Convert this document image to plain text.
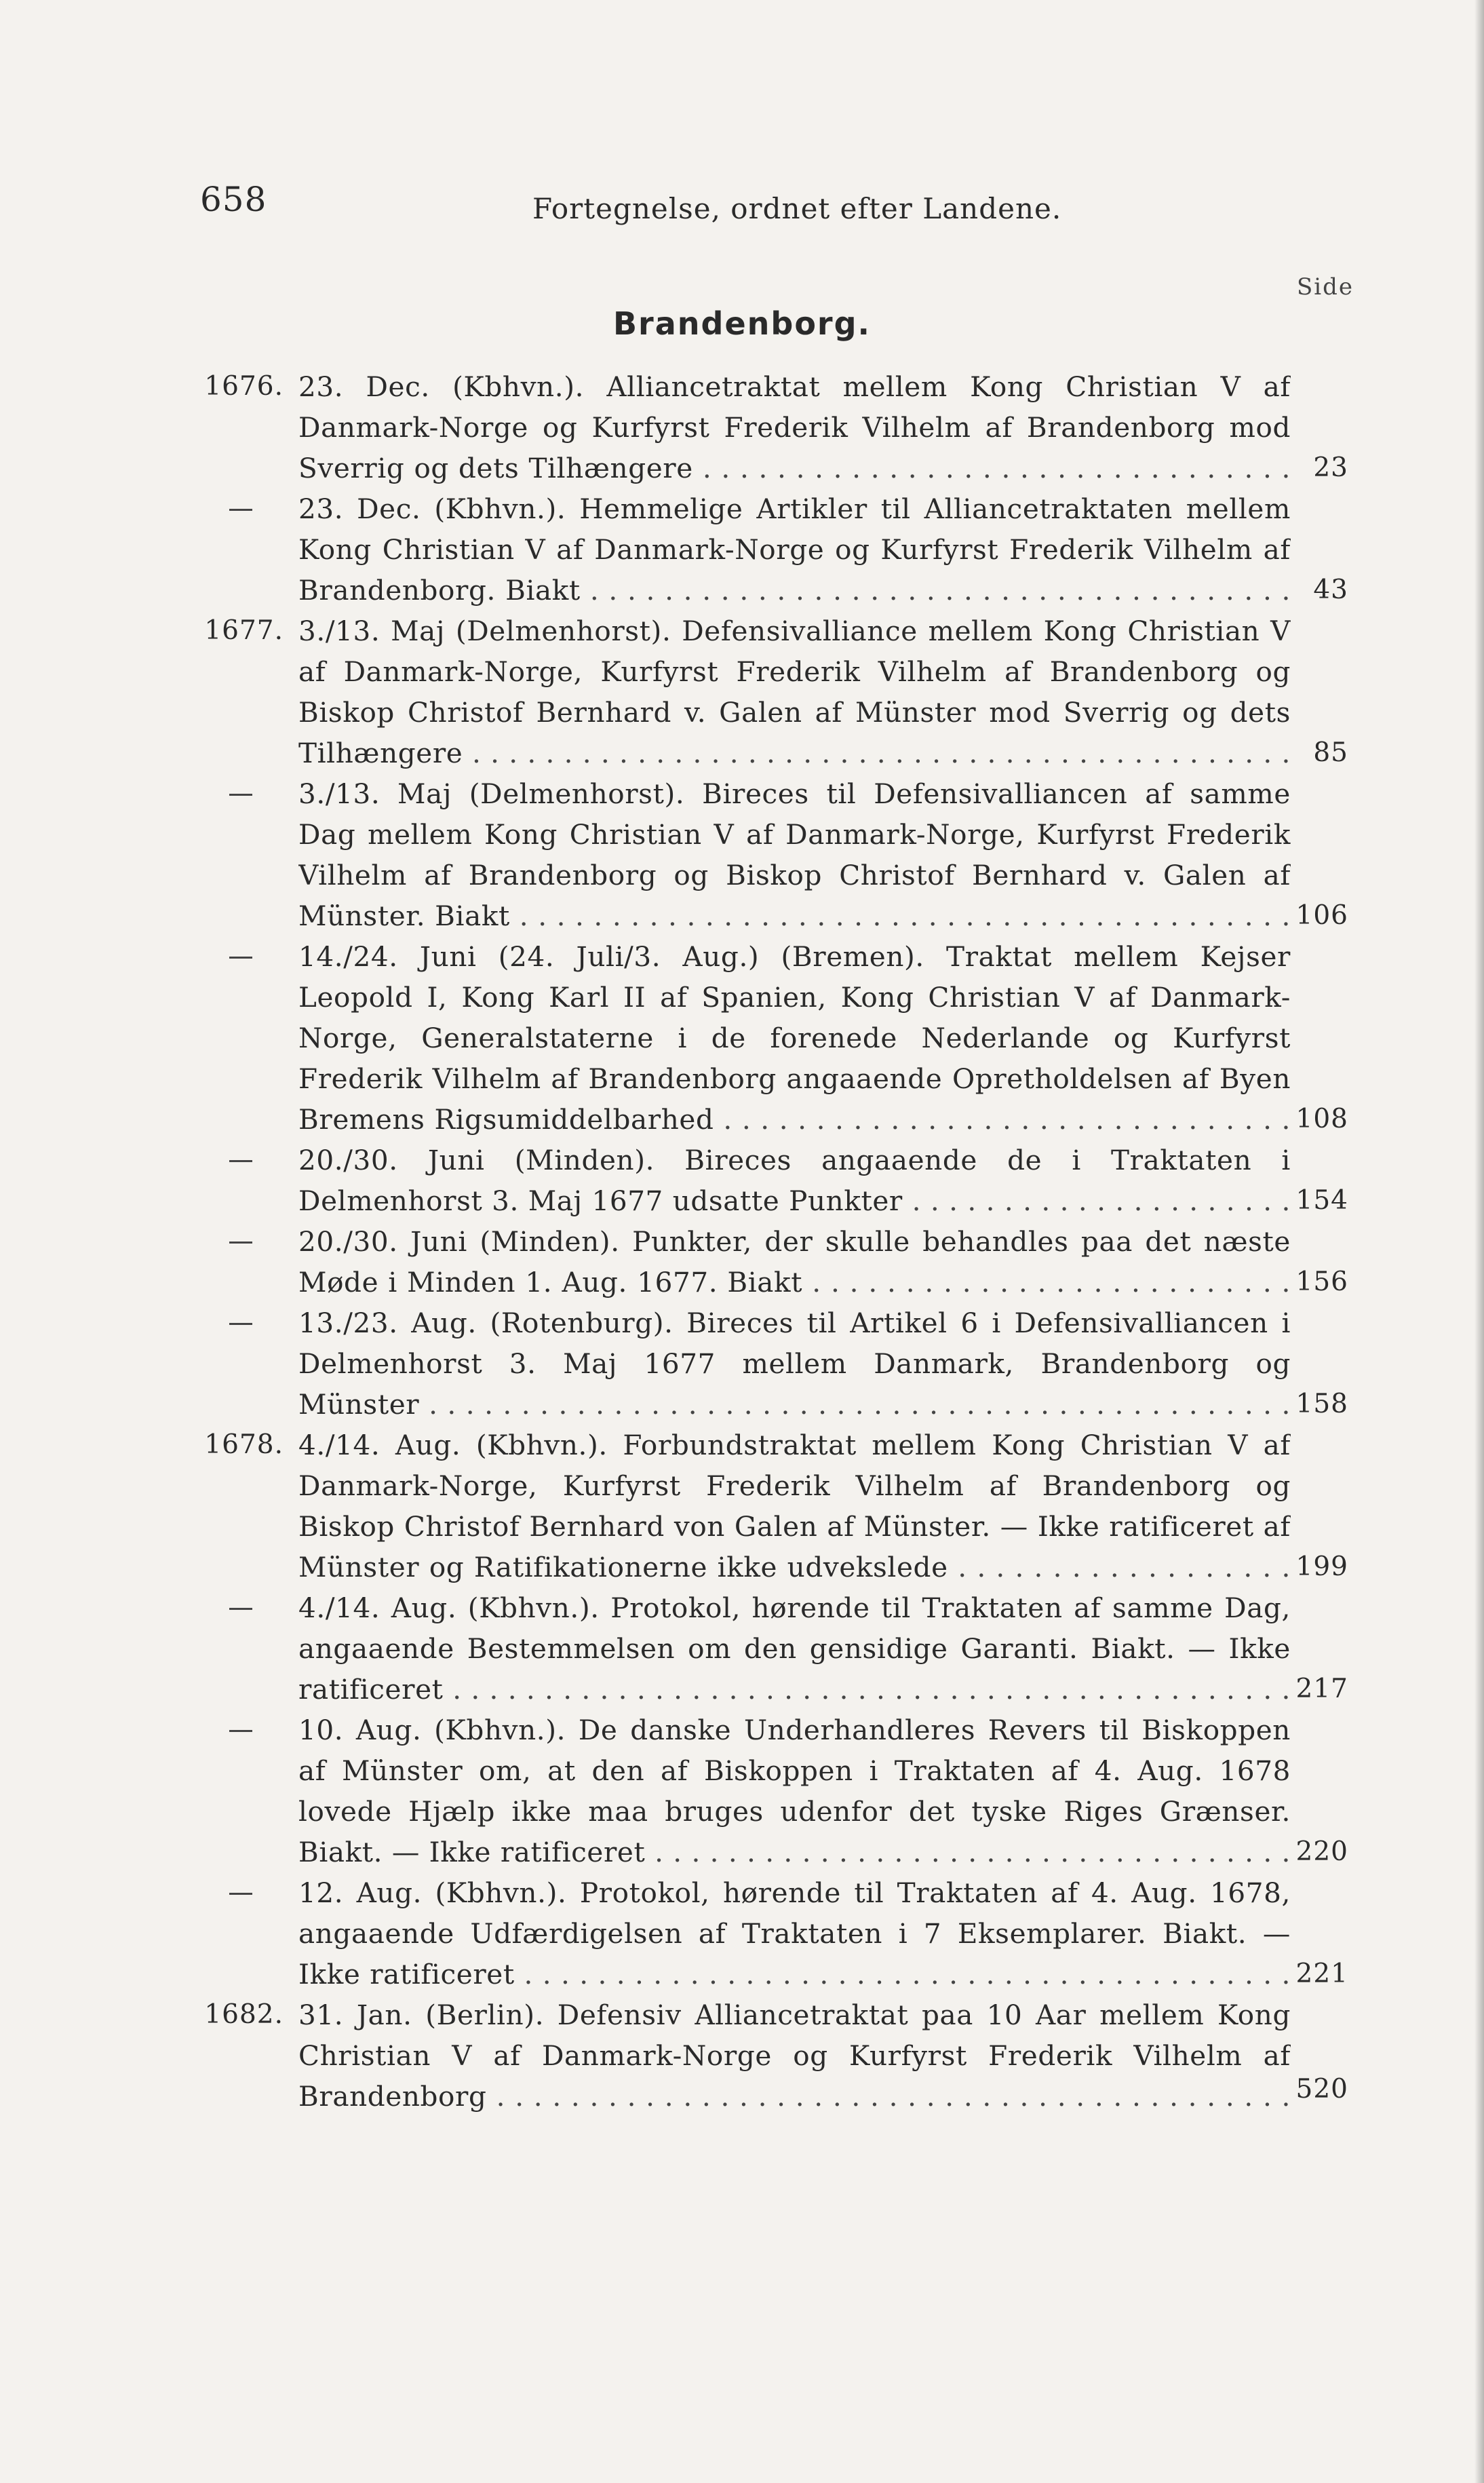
658	Fortegnelse, ordnet efter Landene.
Side
Brandenborg.
1676. 23. Dec. (Kbhvn.). Alliancetraktat mellem Kong Christian V af Danmark-Norge og Kurfyrst Frederik Vilhelm af Brandenborg mod Sverrig og dets Tilhængere . . .	23

23. Dec. (Kbhvn.). Hemmelige Artikler til Alliancetraktaten mellem Kong Christian V af Danmark-Norge og Kurfyrst Frederik Vilhelm af Brandenborg. Biakt . . .	43
1677. 3./13. Maj (Delmenhorst). Defensivalliance mellem Kong Christian V af Danmark-Norge, Kurfyrst Frederik Vilhelm af Brandenborg og Biskop Christof Bernhard v. Galen af Münster mod Sverrig og dets Tilhængere . . .	85

3./13. Maj (Delmenhorst). Bireces til Defensivalliancen af samme Dag mellem Kong Christian V af Danmark-Norge, Kurfyrst Frederik Vilhelm af Brandenborg og Biskop Christof Bernhard v. Galen af Münster. Biakt . . .	106

14./24. Juni (24. Juli/3. Aug.) (Bremen). Traktat mellem Kejser Leopold I, Kong Karl II af Spanien, Kong Christian V af Danmark-Norge, Generalstaterne i de forenede Nederlande og Kurfyrst Frederik Vilhelm af Brandenborg angaaende Opretholdelsen af Byen Bremens Rigsumiddelbarhed . . .	108

20./30. Juni (Minden). Bireces angaaende de i Traktaten i Delmenhorst 3. Maj 1677 udsatte Punkter . . .	154

20./30. Juni (Minden). Punkter, der skulle behandles paa det næste Møde i Minden 1. Aug. 1677. Biakt . . .	156

13./23. Aug. (Rotenburg). Bireces til Artikel 6 i Defensivalliancen i Delmenhorst 3. Maj 1677 mellem Danmark, Brandenborg og Münster . . .	158
1678. 4./14. Aug. (Kbhvn.). Forbundstraktat mellem Kong Christian V af Danmark-Norge, Kurfyrst Frederik Vilhelm af Brandenborg og Biskop Christof Bernhard von Galen af Münster. — Ikke ratificeret af Münster og Ratifikationerne ikke udvekslede . . .	199

4./14. Aug. (Kbhvn.). Protokol, hørende til Traktaten af samme Dag, angaaende Bestemmelsen om den gensidige Garanti. Biakt. — Ikke ratificeret . . .	217

10. Aug. (Kbhvn.). De danske Underhandleres Revers til Biskoppen af Münster om, at den af Biskoppen i Traktaten af 4. Aug. 1678 lovede Hjælp ikke maa bruges udenfor det tyske Riges Grænser. Biakt. — Ikke ratificeret . . .	220

12. Aug. (Kbhvn.). Protokol, hørende til Traktaten af 4. Aug. 1678, angaaende Udfærdigelsen af Traktaten i 7 Eksemplarer. Biakt. — Ikke ratificeret . . .	221
1682. 31. Jan. (Berlin). Defensiv Alliancetraktat paa 10 Aar mellem Kong Christian V af Danmark-Norge og Kurfyrst Frederik Vilhelm af Brandenborg . . .	520
